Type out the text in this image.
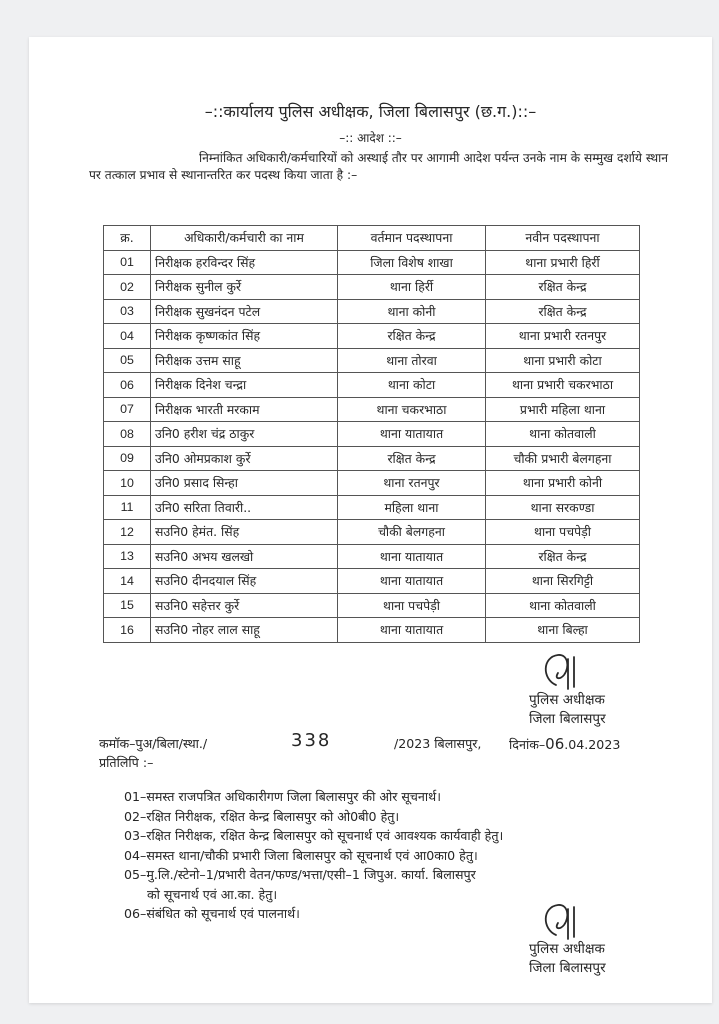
–::कार्यालय पुलिस अधीक्षक, जिला बिलासपुर (छ.ग.)::–
–:: आदेश ::–
निम्नांकित अधिकारी/कर्मचारियों को अस्थाई तौर पर आगामी आदेश पर्यन्त उनके नाम के सम्मुख दर्शाये स्थान पर तत्काल प्रभाव से स्थानान्तरित कर पदस्थ किया जाता है :–
क्र.	अधिकारी/कर्मचारी का नाम	वर्तमान पदस्थापना	नवीन पदस्थापना
01	निरीक्षक हरविन्दर सिंह	जिला विशेष शाखा	थाना प्रभारी हिर्री
02	निरीक्षक सुनील कुर्रे	थाना हिर्री	रक्षित केन्द्र
03	निरीक्षक सुखनंदन पटेल	थाना कोनी	रक्षित केन्द्र
04	निरीक्षक कृष्णकांत सिंह	रक्षित केन्द्र	थाना प्रभारी रतनपुर
05	निरीक्षक उत्तम साहू	थाना तोरवा	थाना प्रभारी कोटा
06	निरीक्षक दिनेश चन्द्रा	थाना कोटा	थाना प्रभारी चकरभाठा
07	निरीक्षक भारती मरकाम	थाना चकरभाठा	प्रभारी महिला थाना
08	उनि0 हरीश चंद्र ठाकुर	थाना यातायात	थाना कोतवाली
09	उनि0 ओमप्रकाश कुर्रे	रक्षित केन्द्र	चौकी प्रभारी बेलगहना
10	उनि0 प्रसाद सिन्हा	थाना रतनपुर	थाना प्रभारी कोनी
11	उनि0 सरिता तिवारी..	महिला थाना	थाना सरकण्डा
12	सउनि0 हेमंत. सिंह	चौकी बेलगहना	थाना पचपेड़ी
13	सउनि0 अभय खलखो	थाना यातायात	रक्षित केन्द्र
14	सउनि0 दीनदयाल सिंह	थाना यातायात	थाना सिरगिट्टी
15	सउनि0 सहेत्तर कुर्रे	थाना पचपेड़ी	थाना कोतवाली
16	सउनि0 नोहर लाल साहू	थाना यातायात	थाना बिल्हा
पुलिस अधीक्षक
जिला बिलासपुर
कमॉक–पुअ/बिला/स्था./	338	/2023 बिलासपुर, दिनांक–06.04.2023
प्रतिलिपि :–
01–समस्त राजपत्रित अधिकारीगण जिला बिलासपुर की ओर सूचनार्थ।
02–रक्षित निरीक्षक, रक्षित केन्द्र बिलासपुर को ओ0बी0 हेतु।
03–रक्षित निरीक्षक, रक्षित केन्द्र बिलासपुर को सूचनार्थ एवं आवश्यक कार्यवाही हेतु।
04–समस्त थाना/चौकी प्रभारी जिला बिलासपुर को सूचनार्थ एवं आ0का0 हेतु।
05–मु.लि./स्टेनो–1/प्रभारी वेतन/फण्ड/भत्ता/एसी–1 जिपुअ. कार्या. बिलासपुर
को सूचनार्थ एवं आ.का. हेतु।
06–संबंधित को सूचनार्थ एवं पालनार्थ।
पुलिस अधीक्षक
जिला बिलासपुर
